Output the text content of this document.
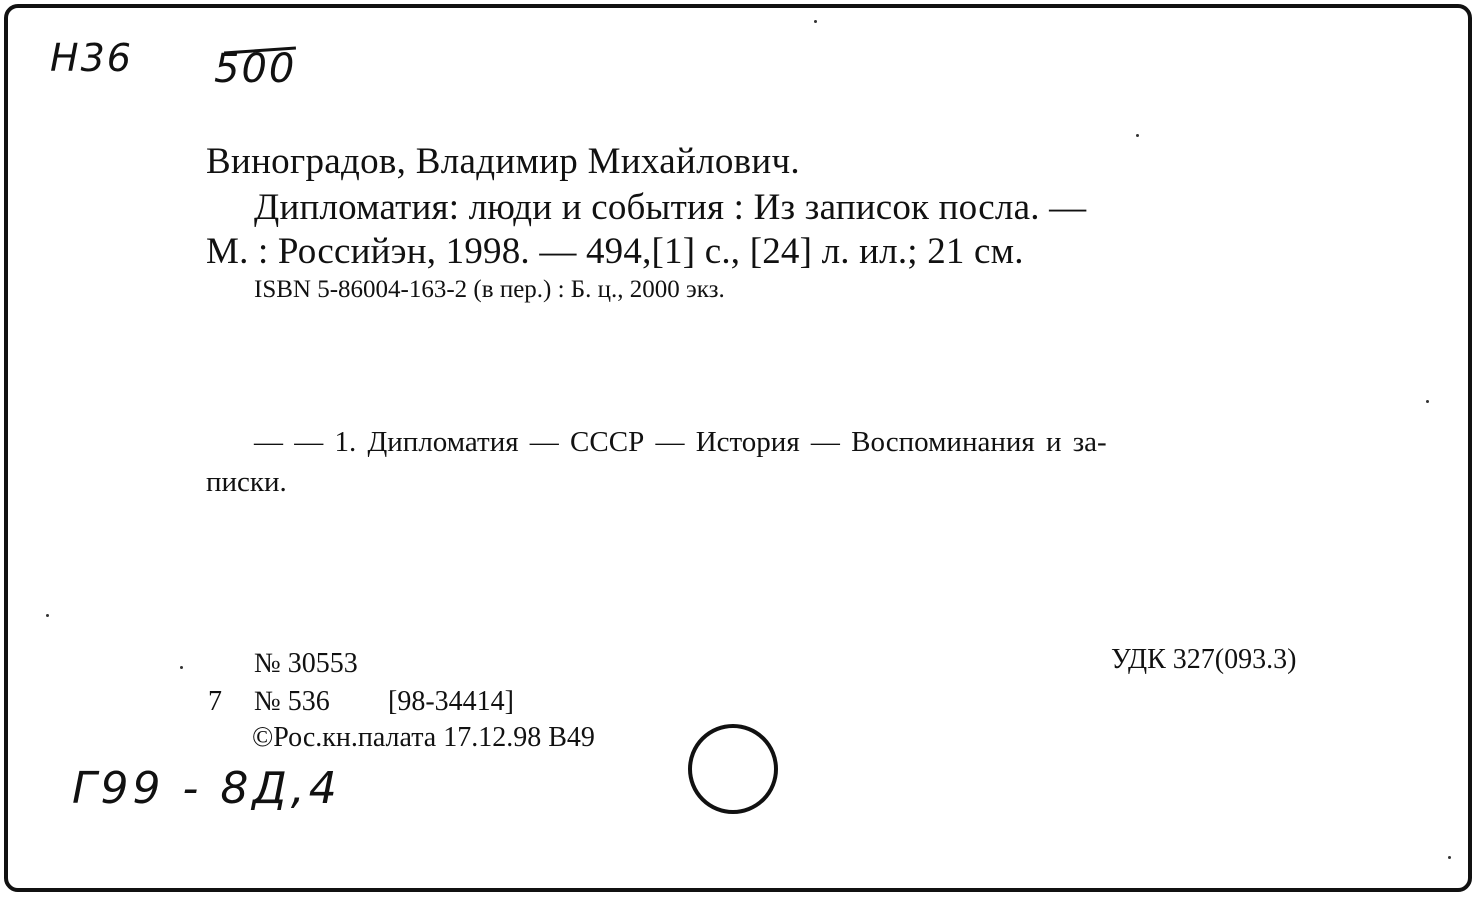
Н36 500
Виноградов, Владимир Михайлович.
Дипломатия: люди и события : Из записок посла. —
М. : Российэн, 1998. — 494,[1] с., [24] л. ил.; 21 см.
ISBN 5-86004-163-2 (в пер.) : Б. ц., 2000 экз.
— — 1. Дипломатия — СССР — История — Воспоминания и за-
писки.
№ 30553	УДК 327(093.3)
7 № 536 [98-34414]
©Рос.кн.палата 17.12.98 В49
Г99 - 8Д,4
